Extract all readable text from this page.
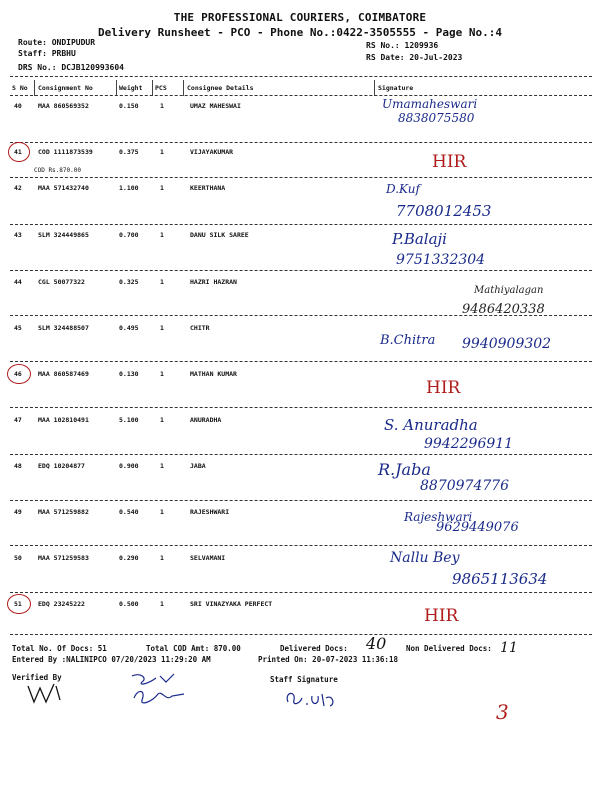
THE PROFESSIONAL COURIERS, COIMBATORE
Delivery Runsheet - PCO - Phone No.:0422-3505555 - Page No.:4
Route: ONDIPUDUR
Staff: PRBHU
DRS No.: DCJB120993604
RS No.: 1209936
RS Date: 20-Jul-2023
S No Consignment No	Weight PCS	Consignee Details	Signature
40 MAA 860569352	0.150	1	UMAZ MAHESWAI	Umamaheswari
8838075580
41 COD 1111873539	0.375	1	VIJAYAKUMAR
COD Rs.870.00	HIR
42 MAA 571432740	1.100	1	KEERTHANA	D.Kuf
7708012453
43 SLM 324449865	0.700	1	DANU SILK SAREE	P.Balaji
9751332304
44 CGL 50077322	0.325	1	HAZRI HAZRAN
Mathiyalagan
9486420338
45 SLM 324488507	0.495	1	CHITR
B.Chitra 9940909302
46 MAA 860587469	0.130	1	MATHAN KUMAR
HIR
47 MAA 102810491	5.100	1	ANURADHA	S. Anuradha
9942296911
48 EDQ 10204877	0.900	1	JABA	R.Jaba
8870974776
49 MAA 571259882	0.540	1	RAJESHWARI	Rajeshwari
9629449076
50 MAA 571259583	0.290	1	SELVAMANI	Nallu Bey
9865113634
51 EDQ 23245222	0.500	1	SRI VINAZYAKA PERFECT
HIR
Total No. Of Docs: 51	Total COD Amt: 870.00	Delivered Docs: 40	Non Delivered Docs: 11
Entered By :NALINIPCO 07/20/2023 11:29:20 AM	Printed On: 20-07-2023 11:36:18
Verified By	Staff Signature
3
